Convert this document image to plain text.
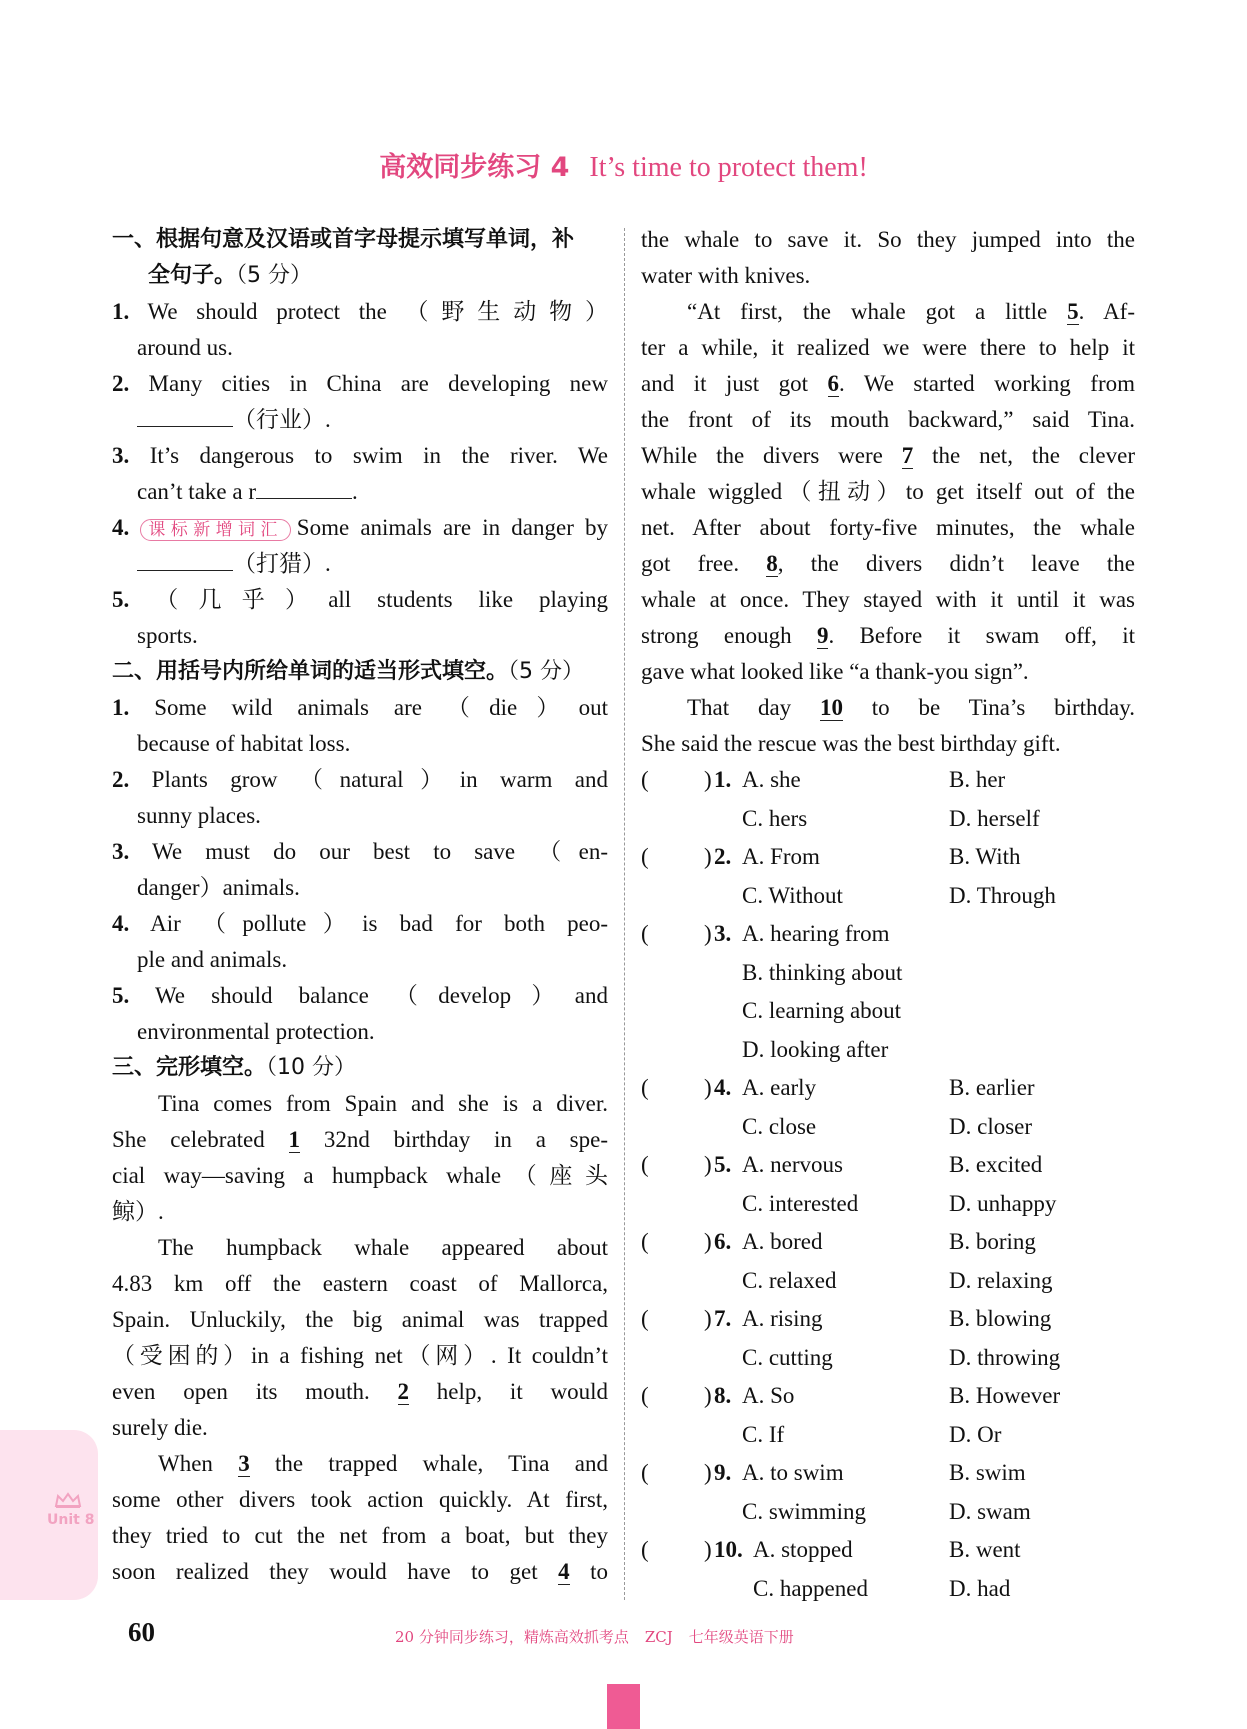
高效同步练习 4 It’s time to protect them!
一、根据句意及汉语或首字母提示填写单词，补
全句子。（5 分）
1. We should protect the （野生动物）
around us.
2. Many cities in China are developing new
（行业）.
3. It’s dangerous to swim in the river. We
can’t take a r	.
4. 课标新增词汇 Some animals are in danger by
（打猎）.
5. （几乎）all students like playing
sports.
二、用括号内所给单词的适当形式填空。（5 分）
1. Some wild animals are （die）out
because of habitat loss.
2. Plants grow （natural）in warm and
sunny places.
3. We must do our best to save （en-
danger）animals.
4. Air （pollute）is bad for both peo-
ple and animals.
5. We should balance （develop）and
environmental protection.
三、完形填空。（10 分）
Tina comes from Spain and she is a diver.
She celebrated 1 32nd birthday in a spe-
cial way—saving a humpback whale（座头
鲸）.
The humpback whale appeared about
4.83 km off the eastern coast of Mallorca,
Spain. Unluckily, the big animal was trapped
（受困的）in a fishing net（网）. It couldn’t
even open its mouth. 2 help, it would
surely die.
When 3 the trapped whale, Tina and
some other divers took action quickly. At first,
they tried to cut the net from a boat, but they
soon realized they would have to get 4 to
the whale to save it. So they jumped into the
water with knives.
“At first, the whale got a little 5. Af-
ter a while, it realized we were there to help it
and it just got 6. We started working from
the front of its mouth backward,” said Tina.
While the divers were 7 the net, the clever
whale wiggled（扭动）to get itself out of the
net. After about forty-five minutes, the whale
got free. 8, the divers didn’t leave the
whale at once. They stayed with it until it was
strong enough 9. Before it swam off, it
gave what looked like “a thank-you sign”.
That day 10 to be Tina’s birthday.
She said the rescue was the best birthday gift.
( ) 1. A. she	B. her
C. hers	D. herself
( ) 2. A. From	B. With
C. Without	D. Through
( ) 3. A. hearing from
B. thinking about
C. learning about
D. looking after
( ) 4. A. early	B. earlier
C. close	D. closer
( ) 5. A. nervous	B. excited
C. interested	D. unhappy
( ) 6. A. bored	B. boring
C. relaxed	D. relaxing
( ) 7. A. rising	B. blowing
C. cutting	D. throwing
( ) 8. A. So	B. However
C. If	D. Or
( ) 9. A. to swim	B. swim
C. swimming	D. swam
( ) 10. A. stopped	B. went
C. happened	D. had
Unit 8
60	20 分钟同步练习，精炼高效抓考点 ZCJ 七年级英语下册
